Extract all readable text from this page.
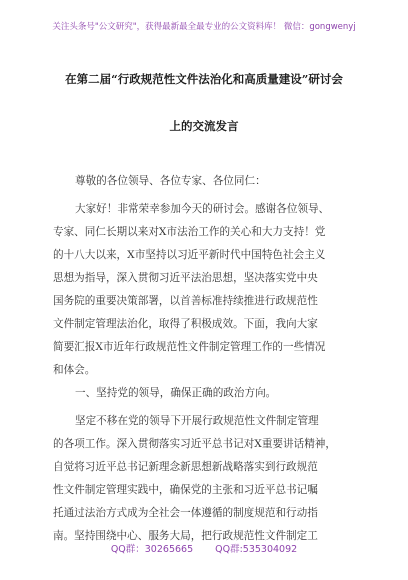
关注头条号"公文研究"，获得最新最全最专业的公文资料库！ 微信：gongwenyj
在第二届“行政规范性文件法治化和高质量建设”研讨会
上的交流发言
尊敬的各位领导、各位专家、各位同仁：
大家好！非常荣幸参加今天的研讨会。感谢各位领导、
专家、同仁长期以来对X市法治工作的关心和大力支持！党
的十八大以来，X市坚持以习近平新时代中国特色社会主义
思想为指导，深入贯彻习近平法治思想，坚决落实党中央
国务院的重要决策部署，以首善标准持续推进行政规范性
文件制定管理法治化，取得了积极成效。下面，我向大家
简要汇报X市近年行政规范性文件制定管理工作的一些情况
和体会。
一、坚持党的领导，确保正确的政治方向。
坚定不移在党的领导下开展行政规范性文件制定管理
的各项工作。深入贯彻落实习近平总书记对X重要讲话精神，
自觉将习近平总书记新理念新思想新战略落实到行政规范
性文件制定管理实践中，确保党的主张和习近平总书记嘱
托通过法治方式成为全社会一体遵循的制度规范和行动指
南。坚持围绕中心、服务大局，把行政规范性文件制定工
QQ群：30265665 QQ群:535304092
